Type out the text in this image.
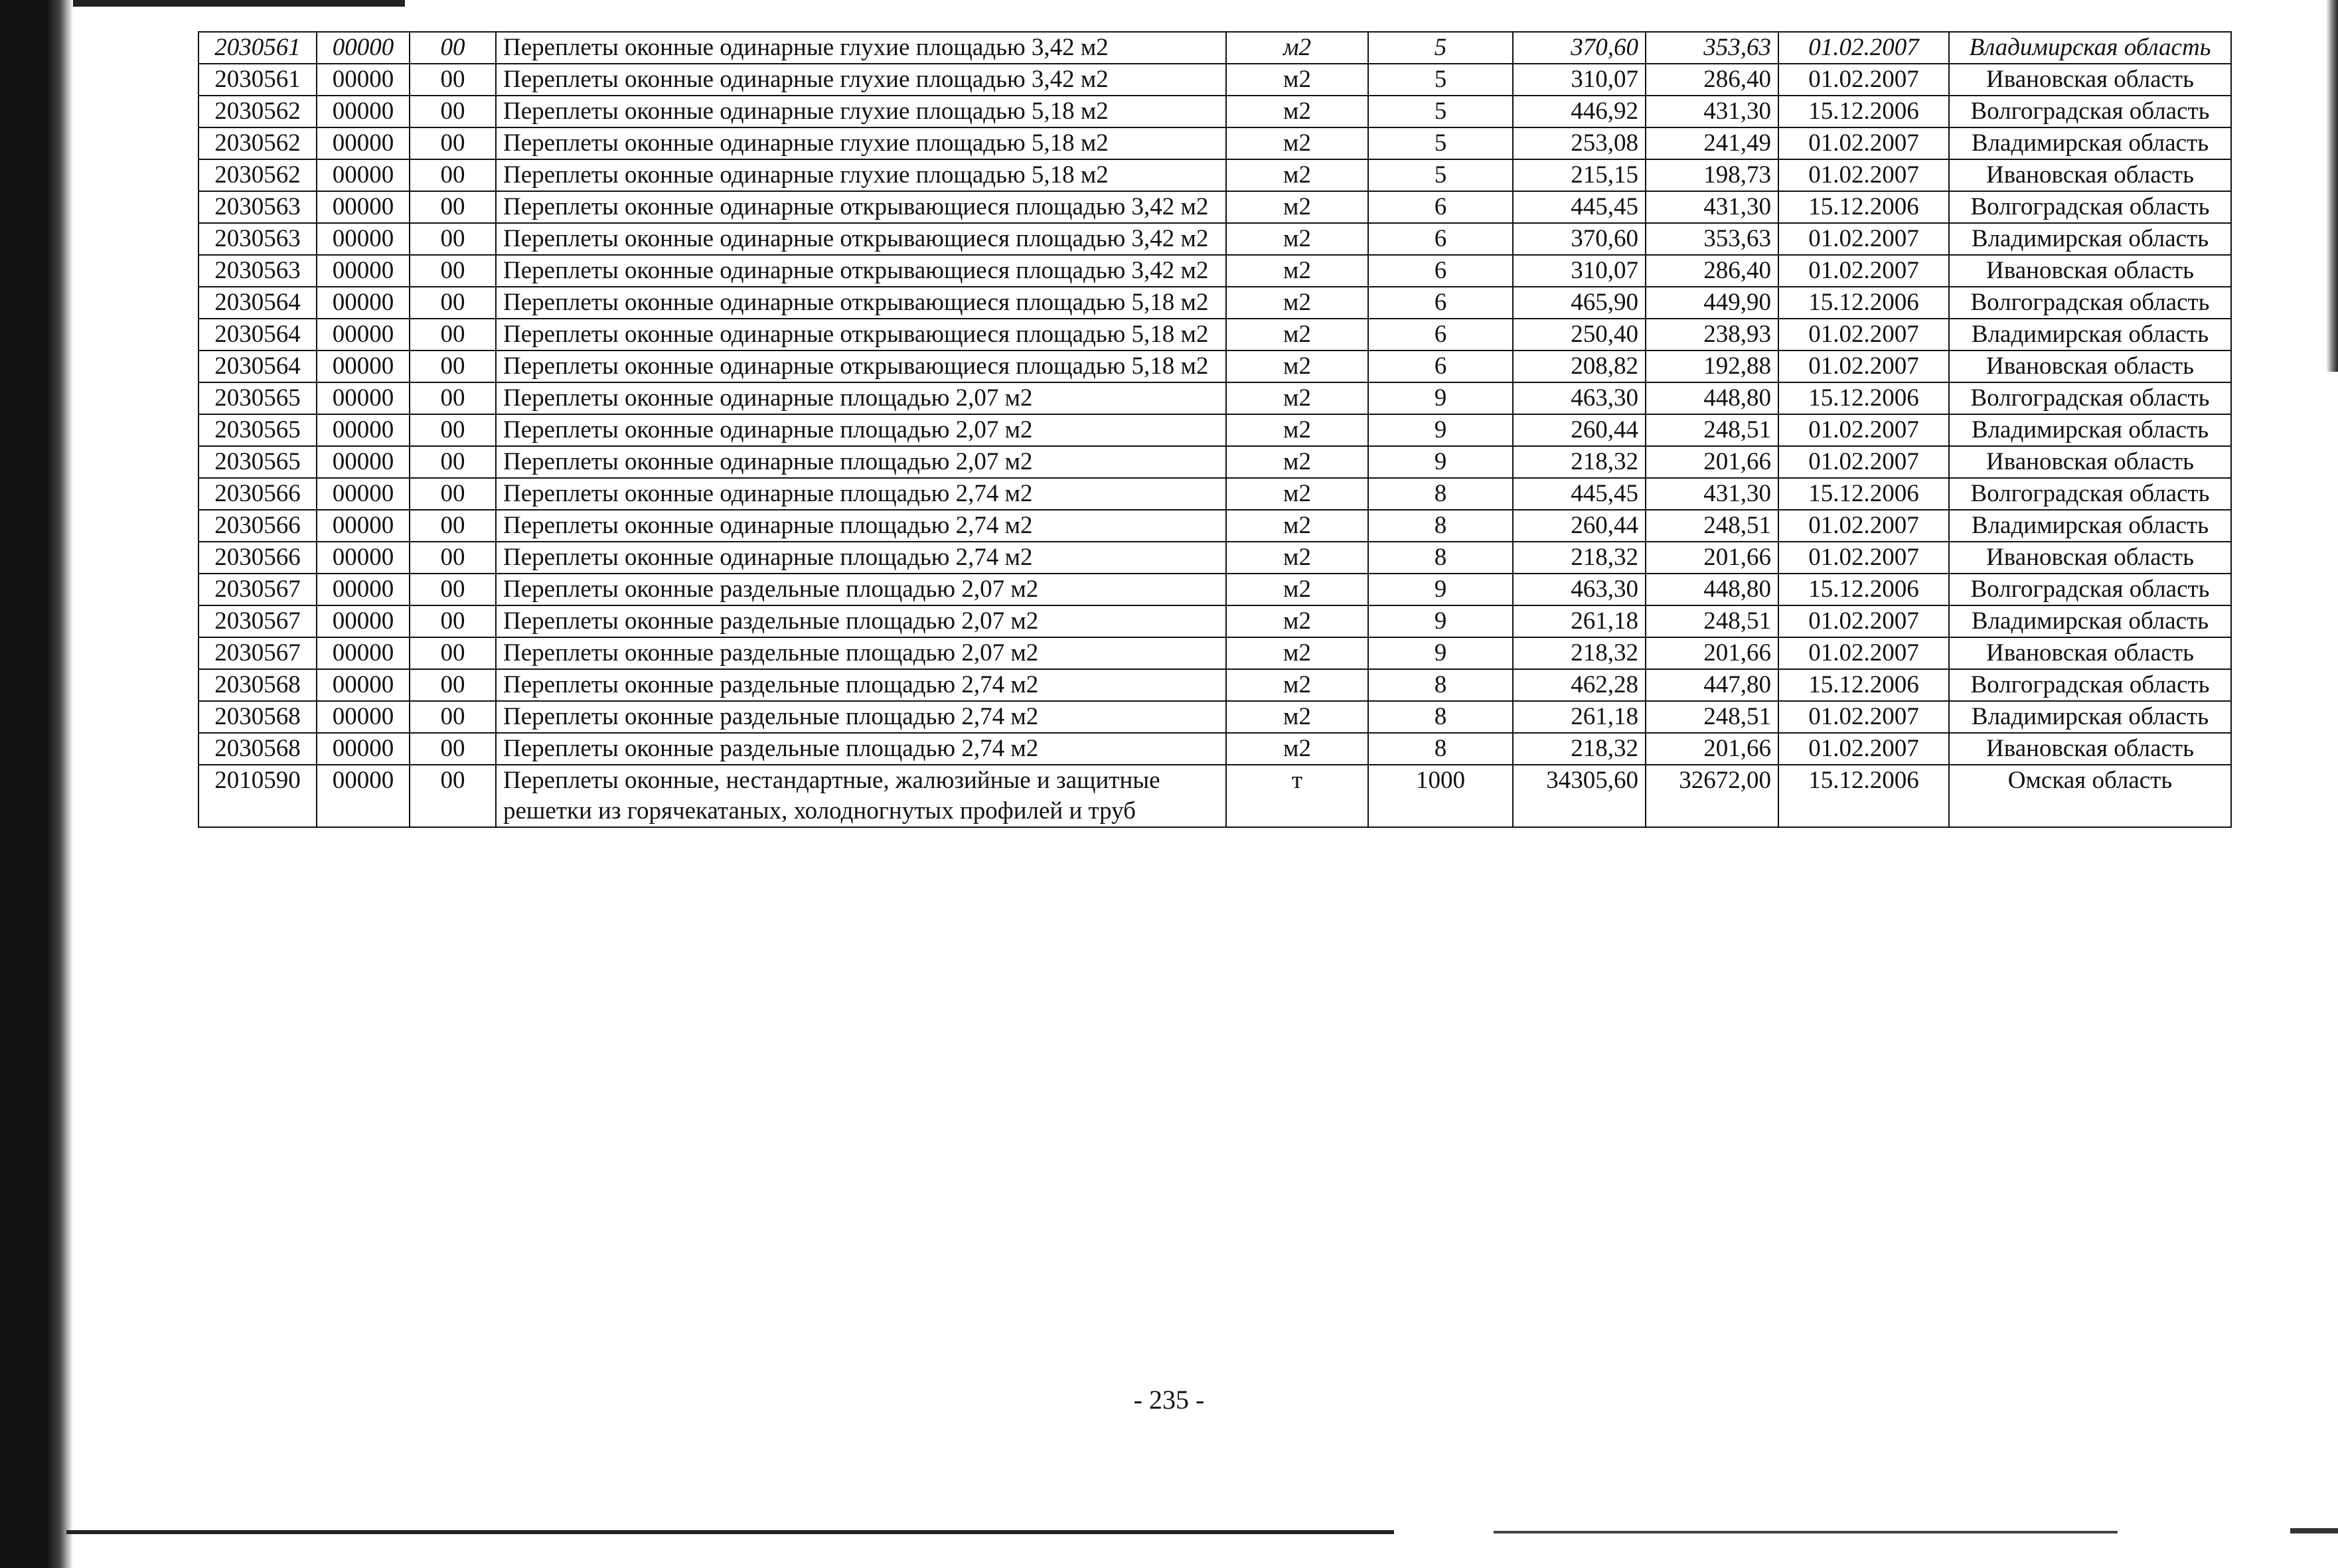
2030561	00000	00	Переплеты оконные одинарные глухие площадью 3,42 м2	м2	5	370,60	353,63	01.02.2007	Владимирская область
2030561	00000	00	Переплеты оконные одинарные глухие площадью 3,42 м2	м2	5	310,07	286,40	01.02.2007	Ивановская область
2030562	00000	00	Переплеты оконные одинарные глухие площадью 5,18 м2	м2	5	446,92	431,30	15.12.2006	Волгоградская область
2030562	00000	00	Переплеты оконные одинарные глухие площадью 5,18 м2	м2	5	253,08	241,49	01.02.2007	Владимирская область
2030562	00000	00	Переплеты оконные одинарные глухие площадью 5,18 м2	м2	5	215,15	198,73	01.02.2007	Ивановская область
2030563	00000	00	Переплеты оконные одинарные открывающиеся площадью 3,42 м2	м2	6	445,45	431,30	15.12.2006	Волгоградская область
2030563	00000	00	Переплеты оконные одинарные открывающиеся площадью 3,42 м2	м2	6	370,60	353,63	01.02.2007	Владимирская область
2030563	00000	00	Переплеты оконные одинарные открывающиеся площадью 3,42 м2	м2	6	310,07	286,40	01.02.2007	Ивановская область
2030564	00000	00	Переплеты оконные одинарные открывающиеся площадью 5,18 м2	м2	6	465,90	449,90	15.12.2006	Волгоградская область
2030564	00000	00	Переплеты оконные одинарные открывающиеся площадью 5,18 м2	м2	6	250,40	238,93	01.02.2007	Владимирская область
2030564	00000	00	Переплеты оконные одинарные открывающиеся площадью 5,18 м2	м2	6	208,82	192,88	01.02.2007	Ивановская область
2030565	00000	00	Переплеты оконные одинарные площадью 2,07 м2	м2	9	463,30	448,80	15.12.2006	Волгоградская область
2030565	00000	00	Переплеты оконные одинарные площадью 2,07 м2	м2	9	260,44	248,51	01.02.2007	Владимирская область
2030565	00000	00	Переплеты оконные одинарные площадью 2,07 м2	м2	9	218,32	201,66	01.02.2007	Ивановская область
2030566	00000	00	Переплеты оконные одинарные площадью 2,74 м2	м2	8	445,45	431,30	15.12.2006	Волгоградская область
2030566	00000	00	Переплеты оконные одинарные площадью 2,74 м2	м2	8	260,44	248,51	01.02.2007	Владимирская область
2030566	00000	00	Переплеты оконные одинарные площадью 2,74 м2	м2	8	218,32	201,66	01.02.2007	Ивановская область
2030567	00000	00	Переплеты оконные раздельные площадью 2,07 м2	м2	9	463,30	448,80	15.12.2006	Волгоградская область
2030567	00000	00	Переплеты оконные раздельные площадью 2,07 м2	м2	9	261,18	248,51	01.02.2007	Владимирская область
2030567	00000	00	Переплеты оконные раздельные площадью 2,07 м2	м2	9	218,32	201,66	01.02.2007	Ивановская область
2030568	00000	00	Переплеты оконные раздельные площадью 2,74 м2	м2	8	462,28	447,80	15.12.2006	Волгоградская область
2030568	00000	00	Переплеты оконные раздельные площадью 2,74 м2	м2	8	261,18	248,51	01.02.2007	Владимирская область
2030568	00000	00	Переплеты оконные раздельные площадью 2,74 м2	м2	8	218,32	201,66	01.02.2007	Ивановская область
2010590	00000	00	Переплеты оконные, нестандартные, жалюзийные и защитные решетки из горячекатаных, холодногнутых профилей и труб	т	1000	34305,60	32672,00	15.12.2006	Омская область
- 235 -
